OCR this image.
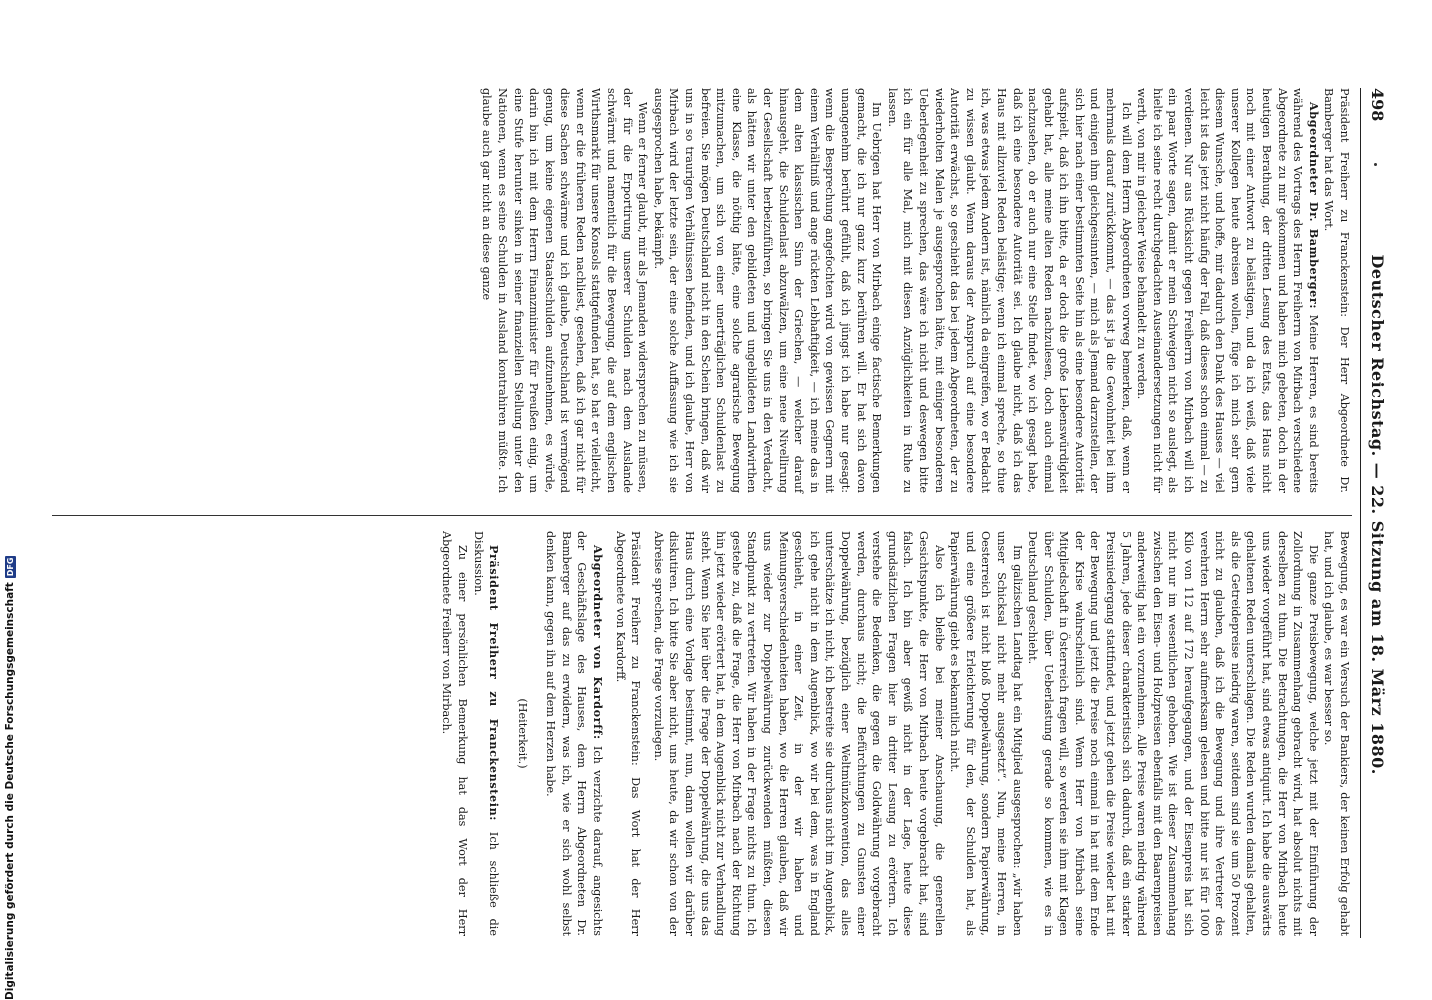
498
Deutscher Reichstag. — 22. Sitzung am 18. März 1880.

Präsident Freiherr zu Franckenstein: Der Herr Abgeordnete Dr. Bamberger hat das Wort.

Abgeordneter Dr. Bamberger: Meine Herren, es sind bereits während des Vortrags des Herrn Freiherrn von Mirbach verschiedene Abgeordnete zu mir gekommen und haben mich gebeten, doch in der heutigen Berathung, der dritten Lesung des Etats, das Haus nicht noch mit einer Antwort zu belästigen, und da ich weiß, daß viele unserer Kollegen heute abreisen wollen, füge ich mich sehr gern diesem Wunsche, und hoffe, mir dadurch den Dank des Hauses — viel leicht ist das jetzt nicht häufig der Fall, daß dieses schon einmal — zu verdienen. Nur aus Rücksicht gegen Freiherrn von Mirbach will ich ein paar Worte sagen, damit er mein Schweigen nicht so auslegt, als hielte ich seine recht durchgedachten Auseinandersetzungen nicht für werth, von mir in gleicher Weise behandelt zu werden.

Ich will dem Herrn Abgeordneten vorweg bemerken, daß, wenn er mehrmals darauf zurückkommt, — das ist ja die Gewohnheit bei ihm und einigen ihm gleichgesinnten, — mich als Jemand darzustellen, der sich hier nach einer bestimmten Seite hin als eine besondere Autorität aufspielt, daß ich ihn bitte, da er doch die große Liebenswürdigkeit gehabt hat, alle meine alten Reden nachzulesen, doch auch einmal nachzusehen, ob er auch nur eine Stelle findet, wo ich gesagt habe, daß ich eine besondere Autorität sei. Ich glaube nicht, daß ich das Haus mit allzuviel Reden belästige; wenn ich einmal spreche, so thue ich, was etwas jedem Andern ist, nämlich da eingreifen, wo er Bedacht zu wissen glaubt. Wenn daraus der Anspruch auf eine besondere Autorität erwächst, so geschieht das bei jedem Abgeordneten, der zu wiederholten Malen je ausgesprochen hätte, mit einiger besonderen Ueberlegenheit zu sprechen, das wäre ich nicht und deswegen bitte ich ein für alle Mal, mich mit diesen Anzüglichkeiten in Ruhe zu lassen.

Im Uebrigen hat Herr von Mirbach einige factische Bemerkungen gemacht, die ich nur ganz kurz berühren will. Er hat sich davon unangenehm berührt gefühlt, daß ich jüngst ich habe nur gesagt: wenn die Besprechung angefochten wird von gewissen Gegnern mit einem Verhältniß und ange rückten Lebhaftigkeit, — ich meine das in dem alten klassischen Sinn der Griechen, — welcher darauf hinausgeht, die Schuldenlast abzuwälzen, um eine neue Nivellirung der Gesellschaft herbeizuführen, so bringen Sie uns in den Verdacht, als hätten wir unter den gebildeten und ungebildeten Landwirthen eine Klasse, die nöthig hätte, eine solche agrarische Bewegung mitzumachen, um sich von einer unerträglichen Schuldenlast zu befreien. Sie mögen Deutschland nicht in den Schein bringen, daß wir uns in so traurigen Verhältnissen befinden, und ich glaube, Herr von Mirbach wird der letzte sein, der eine solche Auffassung wie ich sie ausgesprochen habe, bekämpft.

Wenn er ferner glaubt, mir als Jemanden widersprechen zu müssen, der für die Erportirung unserer Schulden nach dem Auslande schwärmt und namentlich für die Bewegung, die auf dem englischen Wirthsmarkt für unsere Konsols stattgefunden hat, so hat er vielleicht, wenn er die früheren Reden nachliest, gesehen, daß ich gar nicht für diese Sachen schwärme und ich glaube, Deutschland ist vermögend genug, um keine eigenen Staatsschulden aufzunehmen, es würde, darin bin ich mit dem Herrn Finanzminister für Preußen einig, um eine Stufe herunter sinken in seiner finanziellen Stellung unter den Nationen, wenn es seine Schulden in Ausland kontrahiren müßte. Ich glaube auch gar nicht an diese ganze

Bewegung, es war ein Versuch der Bankiers, der keinen Erfolg gehabt hat, und ich glaube, es war besser so.

Die ganze Preisbewegung, welche jetzt mit der Einführung der Zollordnung in Zusammenhang gebracht wird, hat absolut nichts mit derselben zu thun. Die Betrachtungen, die Herr von Mirbach heute uns wieder vorgeführt hat, sind etwas antiquirt. Ich habe die auswärts gehaltenen Reden unterschlagen. Die Reden wurden damals gehalten, als die Getreidepreise niedrig waren, seitdem sind sie um 50 Prozent nicht zu glauben, daß ich die Bewegung und ihre Vertreter des verehrten Herrn sehr aufmerksam gelesen und bitte nur ist für 1000 Kilo von 112 auf 172 heraufgegangen, und der Eisenpreis hat sich nicht nur im wesentlichen gehoben. Wie ist dieser Zusammenhang zwischen den Eisen- und Holzpreisen ebenfalls mit den Baarenpreisen anderweitig hat ein vorzunehmen. Alle Preise waren niedrig während 5 Jahren, jede dieser charakteristisch sich dadurch, daß ein starker Preisniedergang stattfindet, und jetzt gehen die Preise wieder hat mit der Bewegung und jetzt die Preise noch einmal in hat mit dem Ende der Krise wahrscheinlich sind. Wenn Herr von Mirbach seine Mitgliedschaft in Österreich fragen will, so werden sie ihm mit Klagen über Schulden, über Ueberlastung gerade so kommen, wie es in Deutschland geschieht.

Im galizischen Landtag hat ein Mitglied ausgesprochen: „wir haben unser Schicksal nicht mehr ausgesetzt“. Nun, meine Herren, in Oesterreich ist nicht bloß Doppelwährung, sondern Papierwährung, und eine größere Erleichterung für den, der Schulden hat, als Papierwährung giebt es bekanntlich nicht.

Also ich bleibe bei meiner Anschauung, die generellen Gesichtspunkte, die Herr von Mirbach heute vorgebracht hat, sind falsch. Ich bin aber gewiß nicht in der Lage, heute diese grundsätzlichen Fragen hier in dritter Lesung zu erörtern. Ich verstehe die Bedenken, die gegen die Goldwährung vorgebracht werden, durchaus nicht; die Befürchtungen zu Gunsten einer Doppelwährung, bezüglich einer Weltmünzkonvention, das alles unterschätze ich nicht, ich bestreite sie durchaus nicht im Augenblick, ich gehe nicht in dem Augenblick, wo wir bei dem, was in England geschieht, in einer Zeit, in der wir haben und Meinungsverschiedenheiten haben, wo die Herren glauben, daß wir uns wieder zur Doppelwährung zurückwenden müßten, diesen Standpunkt zu vertreten. Wir haben in der Frage nichts zu thun. Ich gestehe zu, daß die Frage, die Herr von Mirbach nach der Richtung hin jetzt wieder erörtert hat, in dem Augenblick nicht zur Verhandlung steht. Wenn Sie hier über die Frage der Doppelwährung, die uns das Haus durch eine Vorlage bestimmt, nun, dann wollen wir darüber diskutiren. Ich bitte Sie aber nicht, uns heute, da wir schon von der Abreise sprechen, die Frage vorzulegen.

Präsident Freiherr zu Franckenstein: Das Wort hat der Herr Abgeordnete von Kardorff.

Abgeordneter von Kardorff: Ich verzichte darauf, angesichts der Geschäftslage des Hauses, dem Herrn Abgeordneten Dr. Bamberger auf das zu erwidern, was ich, wie er sich wohl selbst denken kann, gegen ihn auf dem Herzen habe.

(Heiterkeit.)

Präsident Freiherr zu Franckenstein: Ich schließe die Diskussion.

Zu einer persönlichen Bemerkung hat das Wort der Herr Abgeordnete Freiherr von Mirbach.

Digitalisierung gefördert durch die Deutsche Forschungsgemeinschaft
DFG
